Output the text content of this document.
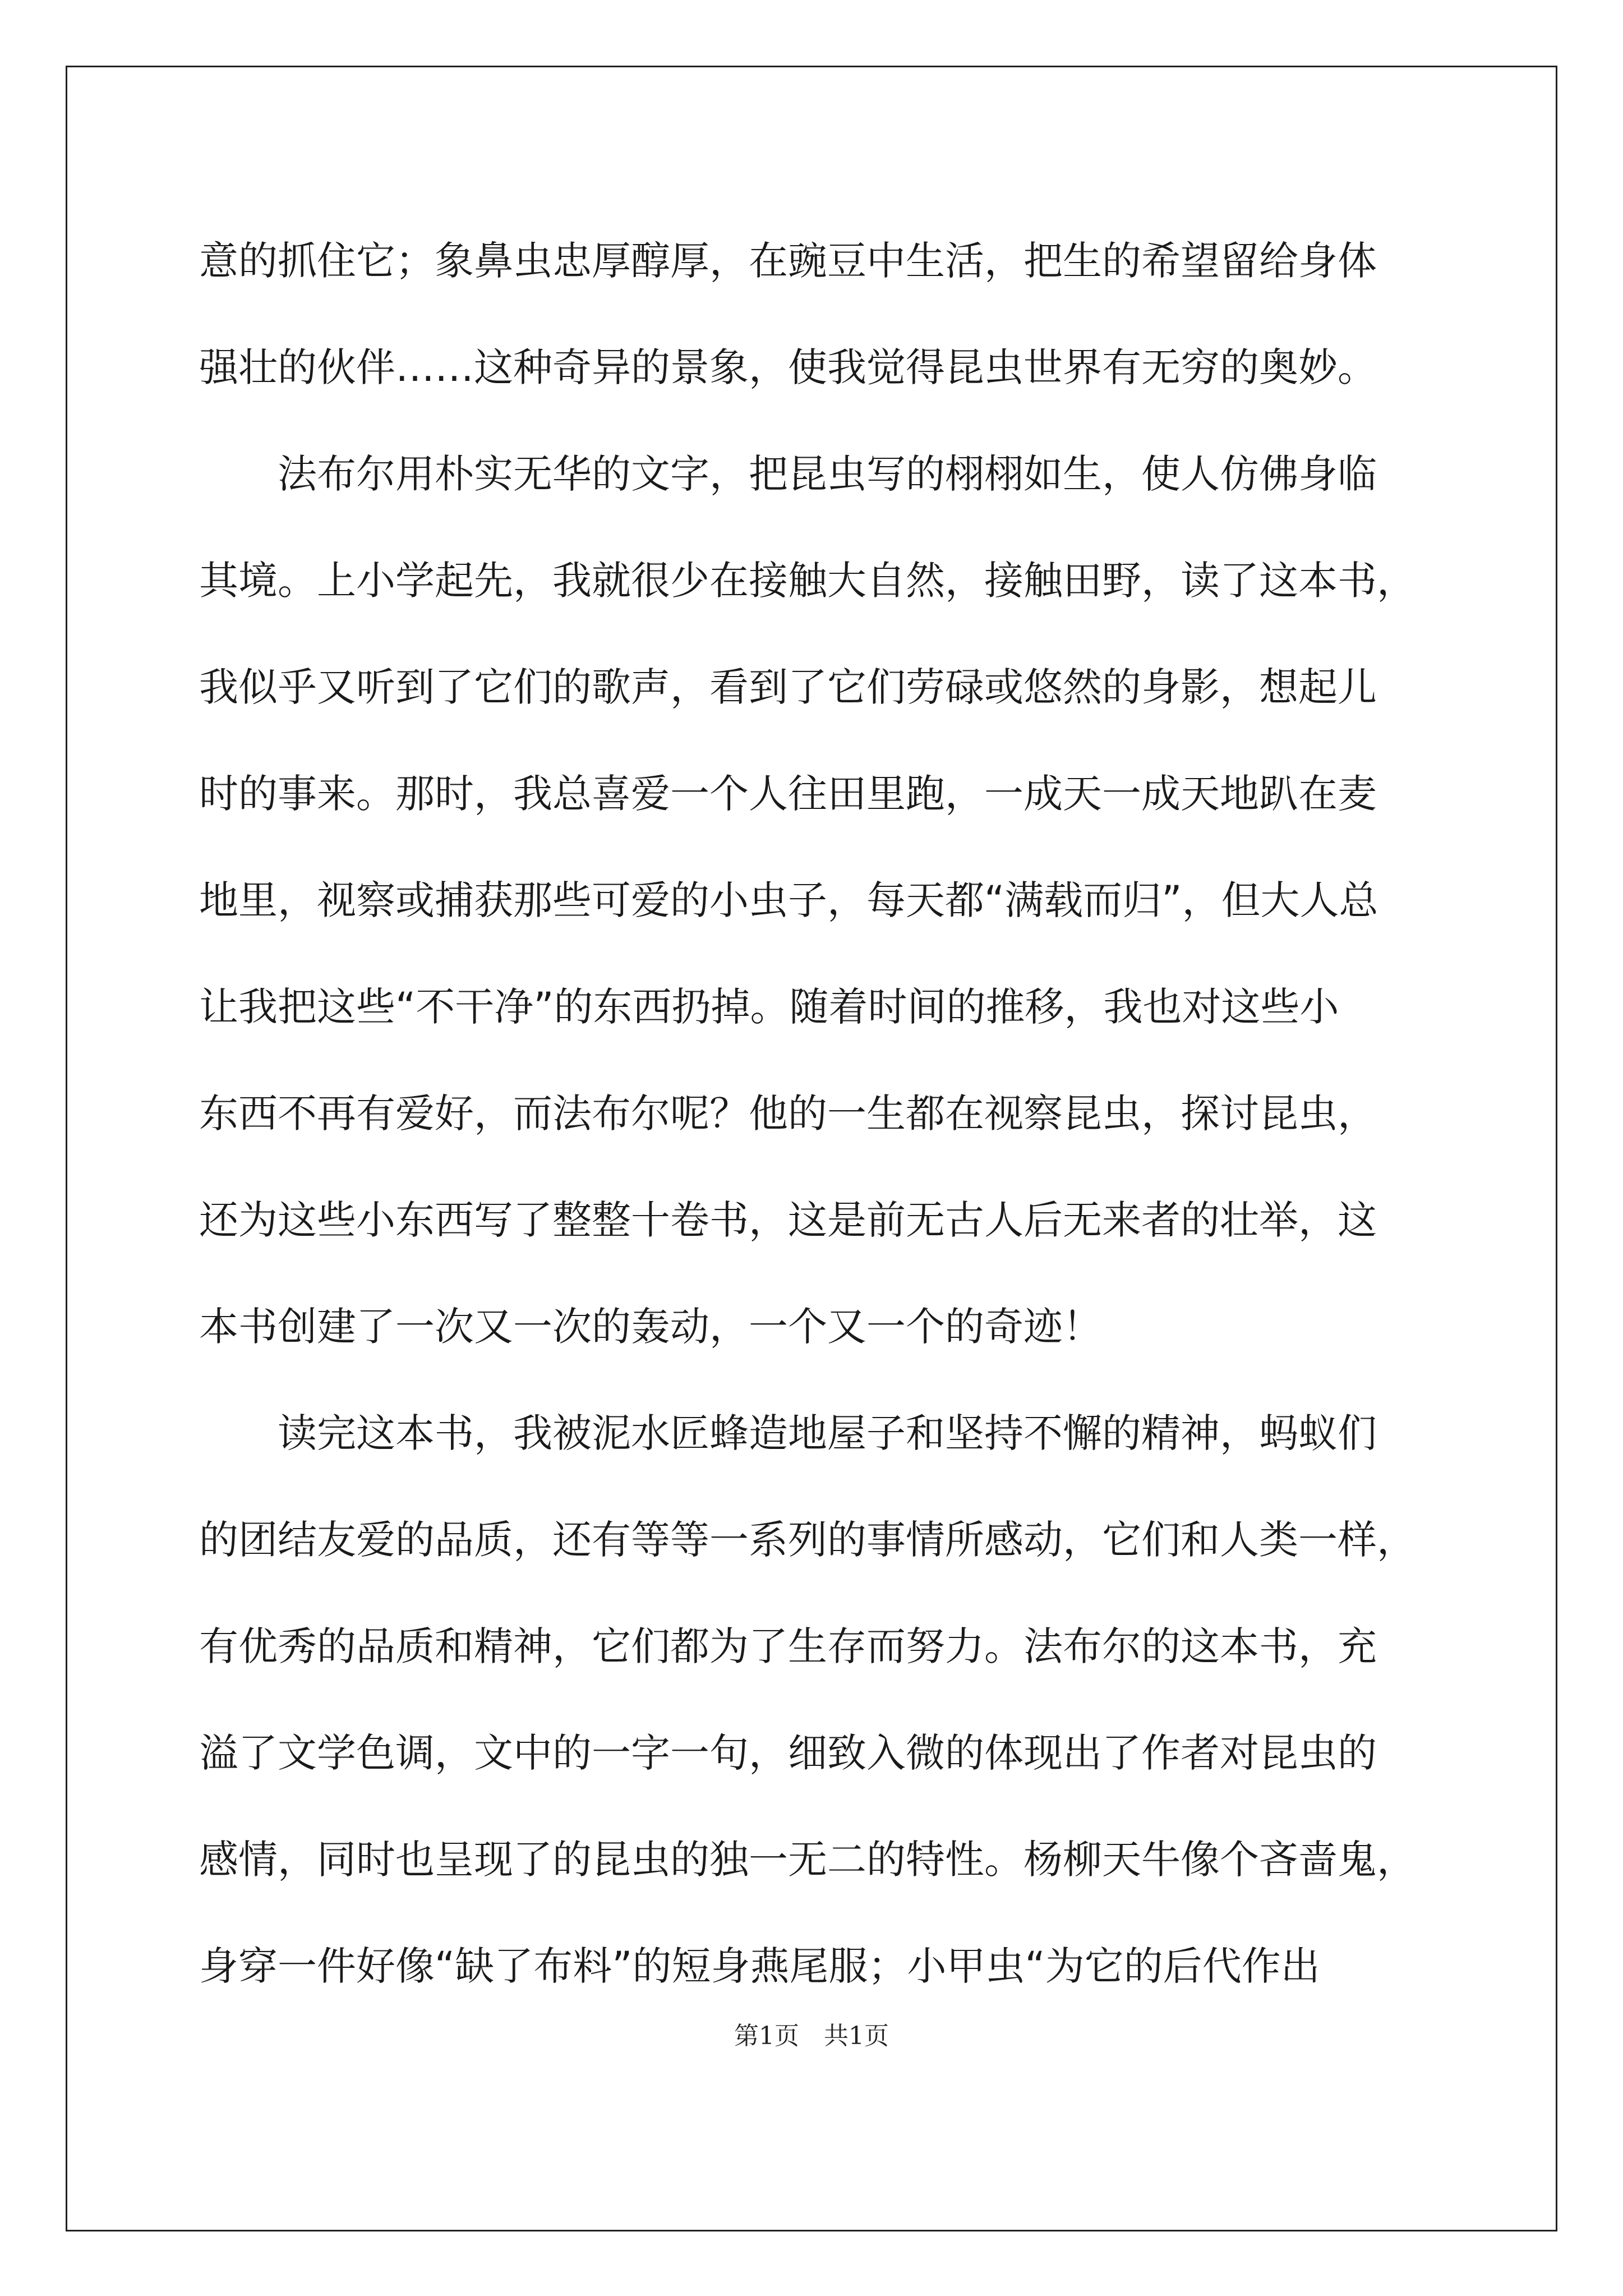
意的抓住它；象鼻虫忠厚醇厚，在豌豆中生活，把生的希望留给身体
强壮的伙伴……这种奇异的景象，使我觉得昆虫世界有无穷的奥妙。
　　法布尔用朴实无华的文字，把昆虫写的栩栩如生，使人仿佛身临
其境。上小学起先，我就很少在接触大自然，接触田野，读了这本书，
我似乎又听到了它们的歌声，看到了它们劳碌或悠然的身影，想起儿
时的事来。那时，我总喜爱一个人往田里跑，一成天一成天地趴在麦
地里，视察或捕获那些可爱的小虫子，每天都“满载而归”，但大人总
让我把这些“不干净”的东西扔掉。随着时间的推移，我也对这些小
东西不再有爱好，而法布尔呢？他的一生都在视察昆虫，探讨昆虫，
还为这些小东西写了整整十卷书，这是前无古人后无来者的壮举，这
本书创建了一次又一次的轰动，一个又一个的奇迹！
　　读完这本书，我被泥水匠蜂造地屋子和坚持不懈的精神，蚂蚁们
的团结友爱的品质，还有等等一系列的事情所感动，它们和人类一样，
有优秀的品质和精神，它们都为了生存而努力。法布尔的这本书，充
溢了文学色调，文中的一字一句，细致入微的体现出了作者对昆虫的
感情，同时也呈现了的昆虫的独一无二的特性。杨柳天牛像个吝啬鬼，
身穿一件好像“缺了布料”的短身燕尾服；小甲虫“为它的后代作出
第1页　共1页
